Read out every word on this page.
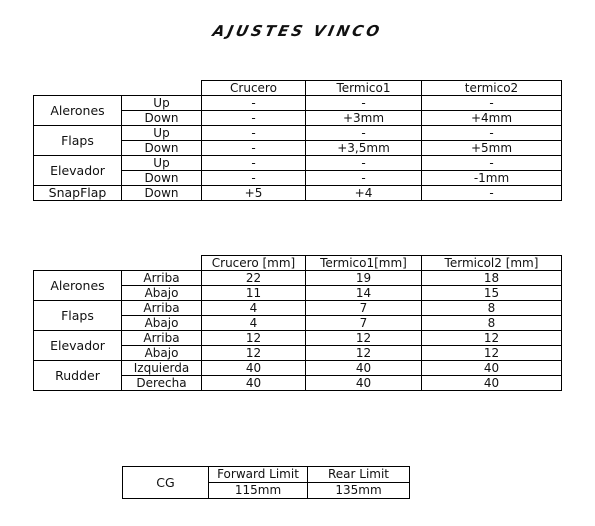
AJUSTES VINCO
		Crucero	Termico1	termico2
Alerones	Up	-	-	-
	Down	-	+3mm	+4mm
Flaps	Up	-	-	-
	Down	-	+3,5mm	+5mm
Elevador	Up	-	-	-
	Down	-	-	-1mm
SnapFlap	Down	+5	+4	-
		Crucero [mm]	Termico1[mm]	Termicol2 [mm]
Alerones	Arriba	22	19	18
	Abajo	11	14	15
Flaps	Arriba	4	7	8
	Abajo	4	7	8
Elevador	Arriba	12	12	12
	Abajo	12	12	12
Rudder	Izquierda	40	40	40
	Derecha	40	40	40
CG	Forward Limit	Rear Limit
	115mm	135mm
